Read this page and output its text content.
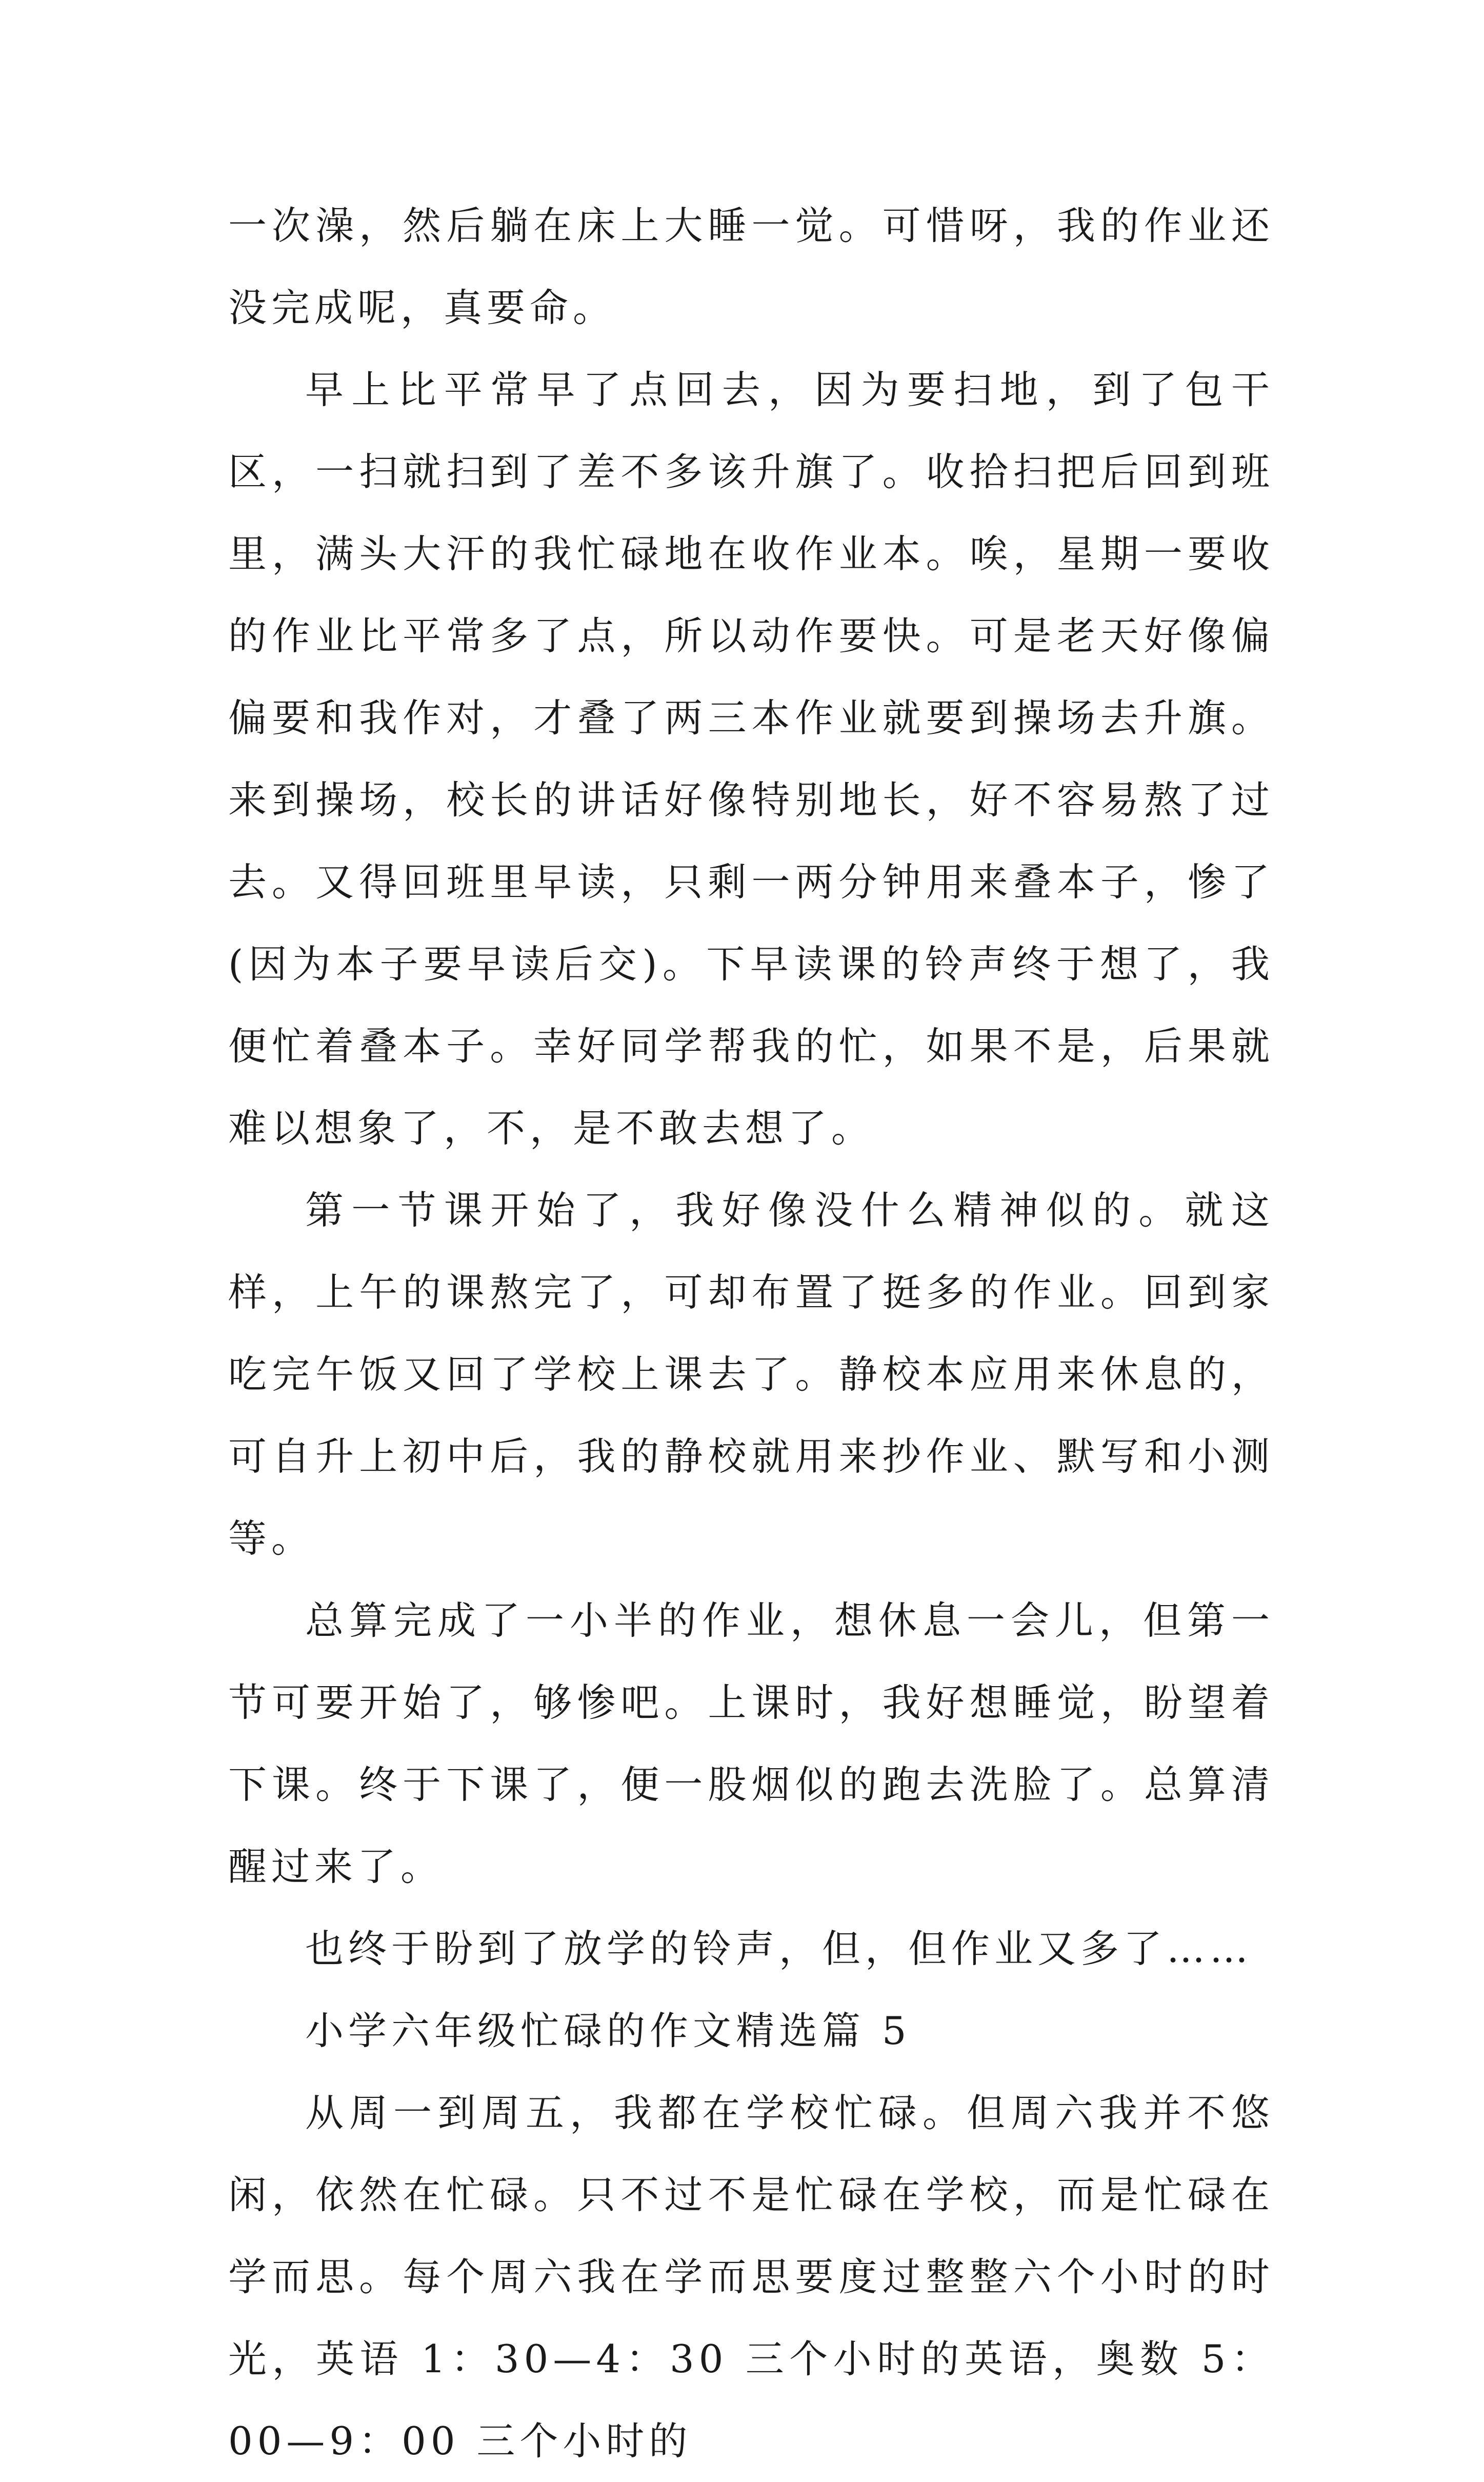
一次澡，然后躺在床上大睡一觉。可惜呀，我的作业还没完成呢，真要命。

早上比平常早了点回去，因为要扫地，到了包干区，一扫就扫到了差不多该升旗了。收拾扫把后回到班里，满头大汗的我忙碌地在收作业本。唉，星期一要收的作业比平常多了点，所以动作要快。可是老天好像偏偏要和我作对，才叠了两三本作业就要到操场去升旗。来到操场，校长的讲话好像特别地长，好不容易熬了过去。又得回班里早读，只剩一两分钟用来叠本子，惨了(因为本子要早读后交)。下早读课的铃声终于想了，我便忙着叠本子。幸好同学帮我的忙，如果不是，后果就难以想象了，不，是不敢去想了。

第一节课开始了，我好像没什么精神似的。就这样，上午的课熬完了，可却布置了挺多的作业。回到家吃完午饭又回了学校上课去了。静校本应用来休息的，可自升上初中后，我的静校就用来抄作业、默写和小测等。

总算完成了一小半的作业，想休息一会儿，但第一节可要开始了，够惨吧。上课时，我好想睡觉，盼望着下课。终于下课了，便一股烟似的跑去洗脸了。总算清醒过来了。

也终于盼到了放学的铃声，但，但作业又多了……

小学六年级忙碌的作文精选篇 5

从周一到周五，我都在学校忙碌。但周六我并不悠闲，依然在忙碌。只不过不是忙碌在学校，而是忙碌在学而思。每个周六我在学而思要度过整整六个小时的时光，英语 1：30—4：30 三个小时的英语，奥数 5：00—9：00 三个小时的
